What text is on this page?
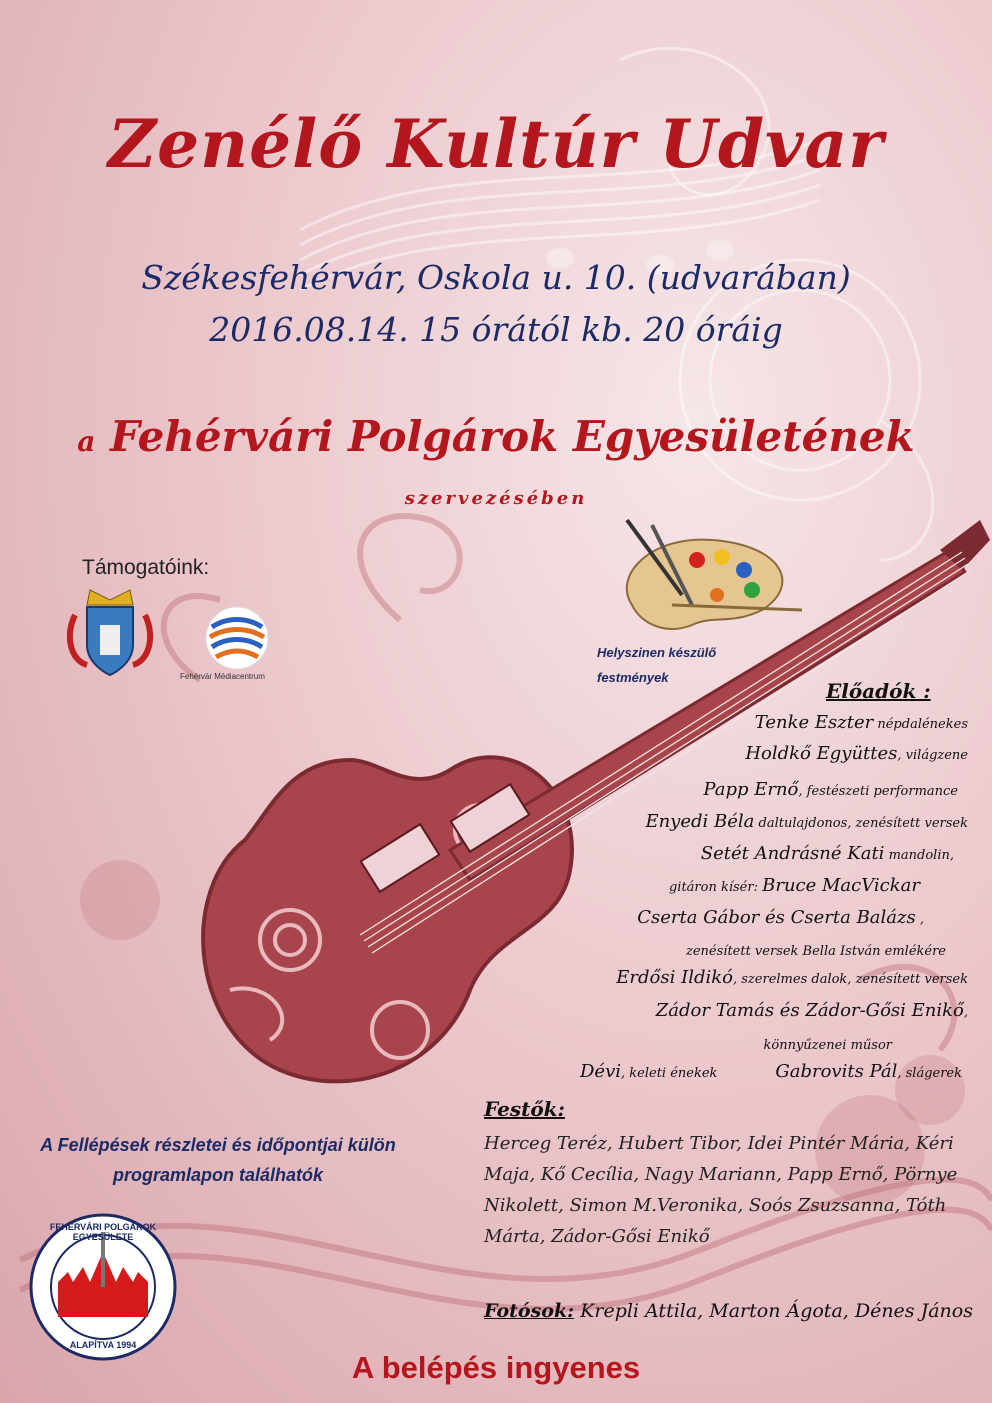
FEHÉRVÁRI POLGÁROK EGYESÜLETE
ALAPÍTVA 1994
Zenélő Kultúr Udvar
Székesfehérvár, Oskola u. 10. (udvarában)
2016.08.14. 15 órától kb. 20 óráig
a Fehérvári Polgárok Egyesületének
szervezésében
Támogatóink:
Fehérvár Médiacentrum
Helyszinen készülő
festmények
Előadók :
Tenke Eszter népdalénekes
Holdkő Együttes, világzene
Papp Ernő, festészeti performance
Enyedi Béla daltulajdonos, zenésített versek
Setét Andrásné Kati mandolin,
gitáron kísér: Bruce MacVickar
Cserta Gábor és Cserta Balázs ,
zenésített versek Bella István emlékére
Erdősi Ildikó, szerelmes dalok, zenésített versek
Zádor Tamás és Zádor-Gősi Enikő,
könnyűzenei műsor
Dévi, keleti énekek	Gabrovits Pál, slágerek
Festők:
Herceg Teréz, Hubert Tibor, Idei Pintér Mária, Kéri Maja, Kő Cecília, Nagy Mariann, Papp Ernő, Pörnye Nikolett, Simon M.Veronika, Soós Zsuzsanna, Tóth Márta, Zádor-Gősi Enikő
Fotósok: Krepli Attila, Marton Ágota, Dénes János
A Fellépések részletei és időpontjai külön programlapon találhatók
A belépés ingyenes
